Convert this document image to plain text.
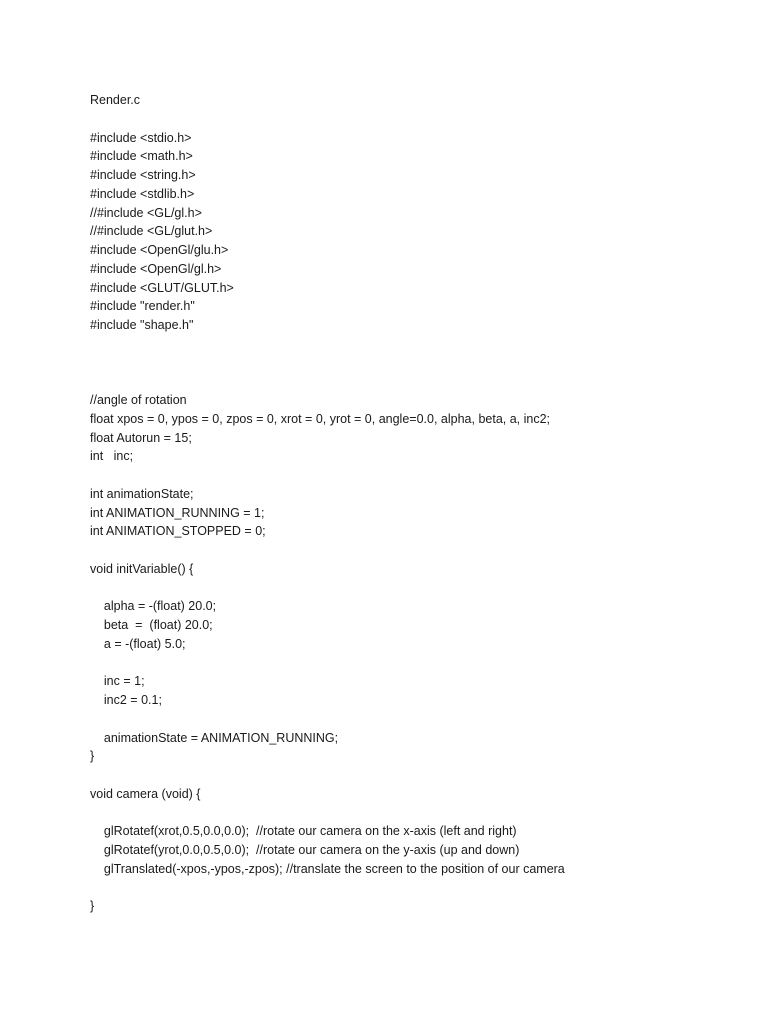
Render.c
#include <stdio.h>
#include <math.h>
#include <string.h>
#include <stdlib.h>
//#include <GL/gl.h>
//#include <GL/glut.h>
#include <OpenGl/glu.h>
#include <OpenGl/gl.h>
#include <GLUT/GLUT.h>
#include "render.h"
#include "shape.h"
//angle of rotation
float xpos = 0, ypos = 0, zpos = 0, xrot = 0, yrot = 0, angle=0.0, alpha, beta, a, inc2;
float Autorun = 15;
int   inc;
int animationState;
int ANIMATION_RUNNING = 1;
int ANIMATION_STOPPED = 0;
void initVariable() {
alpha = -(float) 20.0;
beta  =  (float) 20.0;
a = -(float) 5.0;
inc = 1;
inc2 = 0.1;
animationState = ANIMATION_RUNNING;
}
void camera (void) {
glRotatef(xrot,0.5,0.0,0.0);  //rotate our camera on the x-axis (left and right)
glRotatef(yrot,0.0,0.5,0.0);  //rotate our camera on the y-axis (up and down)
glTranslated(-xpos,-ypos,-zpos); //translate the screen to the position of our camera
}
